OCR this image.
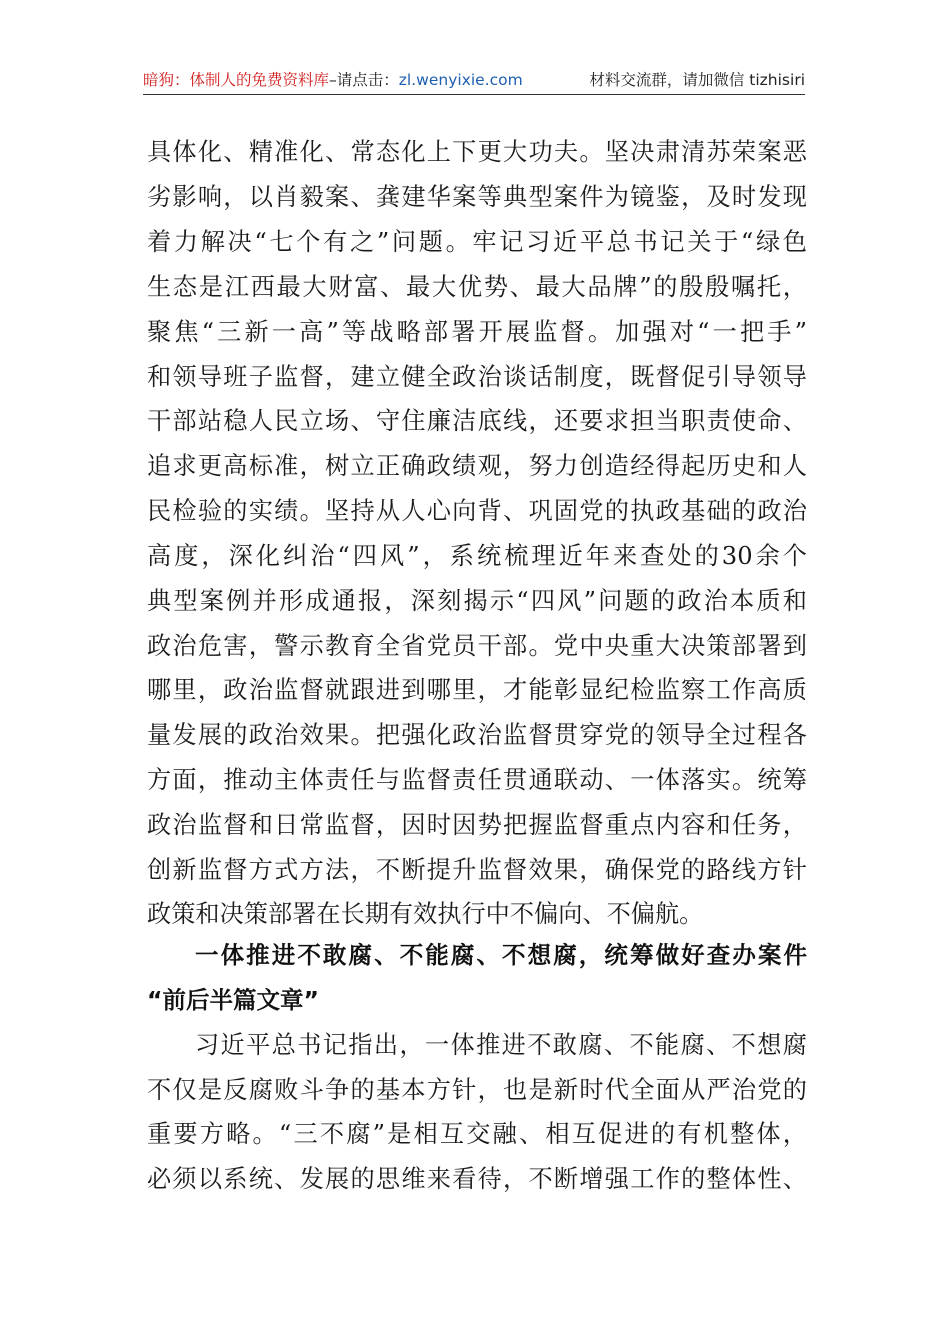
暗狗：体制人的免费资料库 –请点击： zl.wenyixie.com	材料交流群，请加微信 tizhisiri
具体化、精准化、常态化上下更大功夫。坚决肃清苏荣案恶
劣影响，以肖毅案、龚建华案等典型案件为镜鉴，及时发现
着力解决“七个有之”问题。牢记习近平总书记关于“绿色
生态是江西最大财富、最大优势、最大品牌”的殷殷嘱托，
聚焦“三新一高”等战略部署开展监督。加强对“一把手”
和领导班子监督，建立健全政治谈话制度，既督促引导领导
干部站稳人民立场、守住廉洁底线，还要求担当职责使命、
追求更高标准，树立正确政绩观，努力创造经得起历史和人
民检验的实绩。坚持从人心向背、巩固党的执政基础的政治
高度，深化纠治“四风”，系统梳理近年来查处的30余个
典型案例并形成通报，深刻揭示“四风”问题的政治本质和
政治危害，警示教育全省党员干部。党中央重大决策部署到
哪里，政治监督就跟进到哪里，才能彰显纪检监察工作高质
量发展的政治效果。把强化政治监督贯穿党的领导全过程各
方面，推动主体责任与监督责任贯通联动、一体落实。统筹
政治监督和日常监督，因时因势把握监督重点内容和任务，
创新监督方式方法，不断提升监督效果，确保党的路线方针
政策和决策部署在长期有效执行中不偏向、不偏航。
一体推进不敢腐、不能腐、不想腐，统筹做好查办案件
“前后半篇文章”
习近平总书记指出，一体推进不敢腐、不能腐、不想腐
不仅是反腐败斗争的基本方针，也是新时代全面从严治党的
重要方略。“三不腐”是相互交融、相互促进的有机整体，
必须以系统、发展的思维来看待，不断增强工作的整体性、
